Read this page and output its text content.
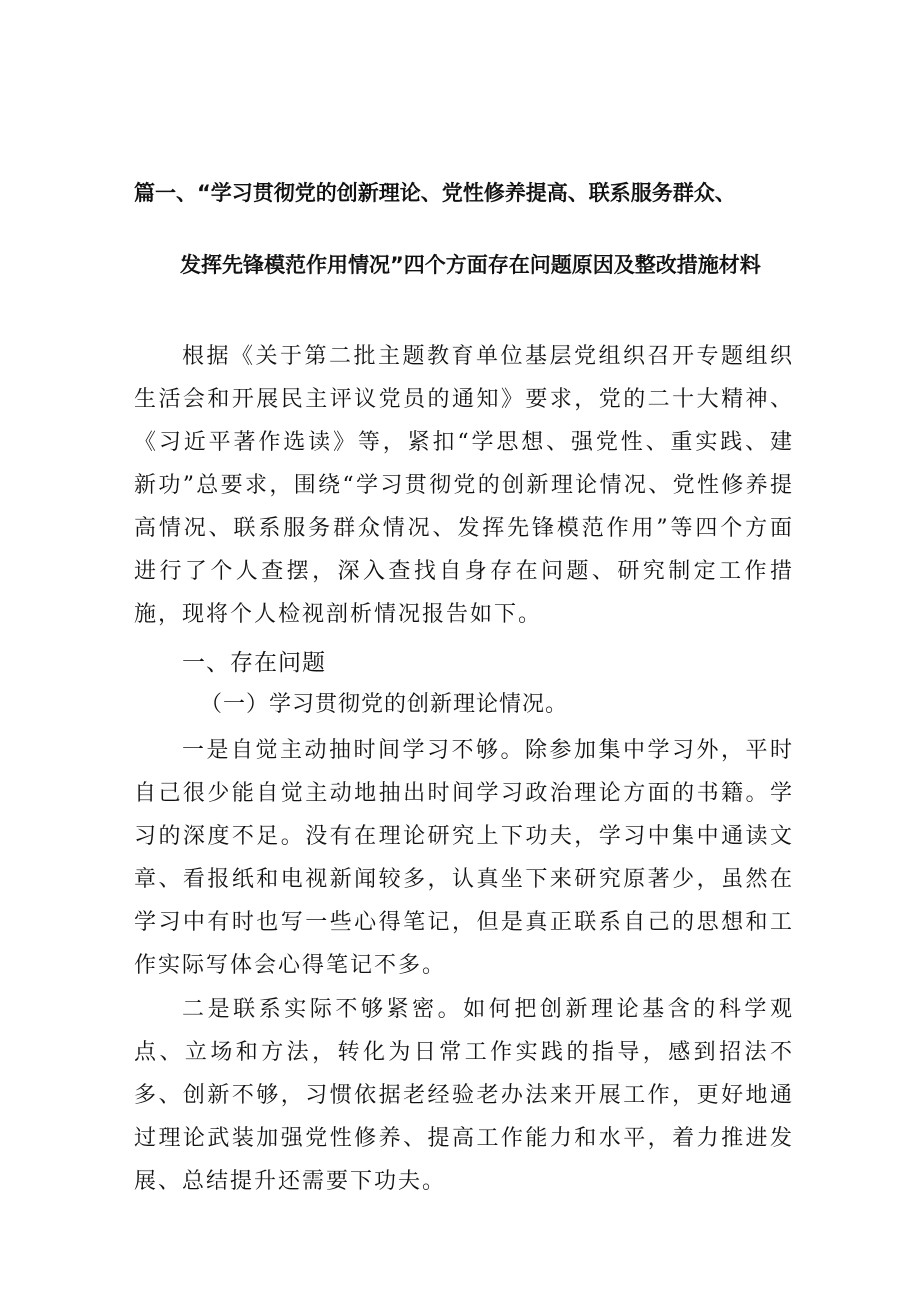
篇一、“学习贯彻党的创新理论、党性修养提高、联系服务群众、
发挥先锋模范作用情况”四个方面存在问题原因及整改措施材料

根据《关于第二批主题教育单位基层党组织召开专题组织生活会和开展民主评议党员的通知》要求，党的二十大精神、《习近平著作选读》等，紧扣“学思想、强党性、重实践、建新功”总要求，围绕“学习贯彻党的创新理论情况、党性修养提高情况、联系服务群众情况、发挥先锋模范作用”等四个方面进行了个人查摆，深入查找自身存在问题、研究制定工作措施，现将个人检视剖析情况报告如下。

一、存在问题
（一）学习贯彻党的创新理论情况。

一是自觉主动抽时间学习不够。除参加集中学习外，平时自己很少能自觉主动地抽出时间学习政治理论方面的书籍。学习的深度不足。没有在理论研究上下功夫，学习中集中通读文章、看报纸和电视新闻较多，认真坐下来研究原著少，虽然在学习中有时也写一些心得笔记，但是真正联系自己的思想和工作实际写体会心得笔记不多。

二是联系实际不够紧密。如何把创新理论基含的科学观点、立场和方法，转化为日常工作实践的指导，感到招法不多、创新不够，习惯依据老经验老办法来开展工作，更好地通过理论武装加强党性修养、提高工作能力和水平，着力推进发展、总结提升还需要下功夫。
